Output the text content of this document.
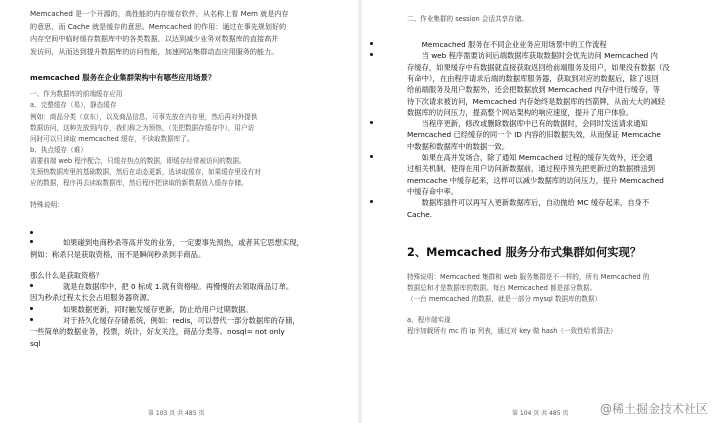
Memcached 是一个开源的，高性能的内存缓存软件，从名称上看 Mem 就是内存

的意思，而 Cache 就是缓存的意思。Memcached 的作用：通过在事先规划好的

内存空间中临时缓存数据库中的各类数据，以达到减少业务对数据库的直接高并

发访问，从而达到提升数据库的访问性能，加速网站集群动态应用服务的能力。

memcached 服务在企业集群架构中有哪些应用场景？

一、作为数据库的前端缓存应用

a、完整缓存（易），静态缓存

例如：商品分类（京东），以及商品信息，可事先放在内存里，然后再对外提供

数据访问，这种先放到内存，我们称之为预热，（先把数据存缓存中），用户访

问时可以只读取 memcached 缓存，不读取数据库了。

b、执点缓存（难）

需要前端 web 程序配合，只缓存热点的数据，即缓存经常被访问的数据。

先预热数据库里的基础数据，然后在动态更新，选读取缓存，如果缓存里没有对

应的数据，程序再去读取数据库，然后程序把读取的新数据放入缓存存储。

特殊说明：

如果碰到电商秒杀等高并发的业务，一定要事先预热，或者其它思想实现，

例如：称杀只是获取资格，而不是瞬间秒杀到手商品。

那么什么是获取资格？

就是在数据库中，把 0 标成 1.就有资格啦。再慢慢的去领取商品订单。

因为秒杀过程太长会占用服务器资源。

如果数据更新，同时触发缓存更新，防止给用户过期数据。

对于持久化缓存存储系统，例如：redis，可以替代一部分数据库的存储，

一些简单的数据业务，投票，统计，好友关注，商品分类等。nosql= not only

sql

第 103 页 共 485 页

二、作业集群的 session 会话共享存储。

Memcached 服务在不同企业业务应用场景中的工作流程

当 web 程序需要访问后端数据库获取数据时会优先访问 Memcached 内

存缓存，如果缓存中有数据就直接获取返回给前端服务及用户，如果没有数据（没

有命中），在由程序请求后端的数据库服务器，获取到对应的数据后，除了返回

给前端服务及用户数据外，还会把数据放到 Memcached 内存中进行缓存，等

待下次请求被访问，Memcached 内存始终是数据库的挡箭牌，从而大大的减轻

数据库的访问压力，提高整个网站架构的响应速度，提升了用户体验。

当程序更新，修改或删除数据库中已有的数据时，会同时发送请求通知

Memcached 已经缓存的同一个 ID 内容的旧数据失效，从而保证 Memcache

中数据和数据库中的数据一致。

如果在高并发场合，除了通知 Memcached 过程的缓存失效外，还会通

过相关机制，使得在用户访问新数据前，通过程序预先把更新过的数据推送到

memcache 中缓存起来，这样可以减少数据库的访问压力，提升 Memcached

中缓存命中率。

数据库插件可以再写入更新数据库后，自动抛给 MC 缓存起来，自身不

Cache.

2、Memcached 服务分布式集群如何实现？

特殊说明：Memcached 集群和 web 服务集群是不一样的，所有 Memcached 的

数据总和才是数据库的数据。每台 Memcached 都是部分数据。

（一台 memcached 的数据，就是一部分 mysql 数据库的数据）

a、程序端实现

程序加载所有 mc 的 ip 列表，通过对 key 做 hash（一致性哈希算法）

第 104 页 共 485 页	@稀土掘金技术社区
